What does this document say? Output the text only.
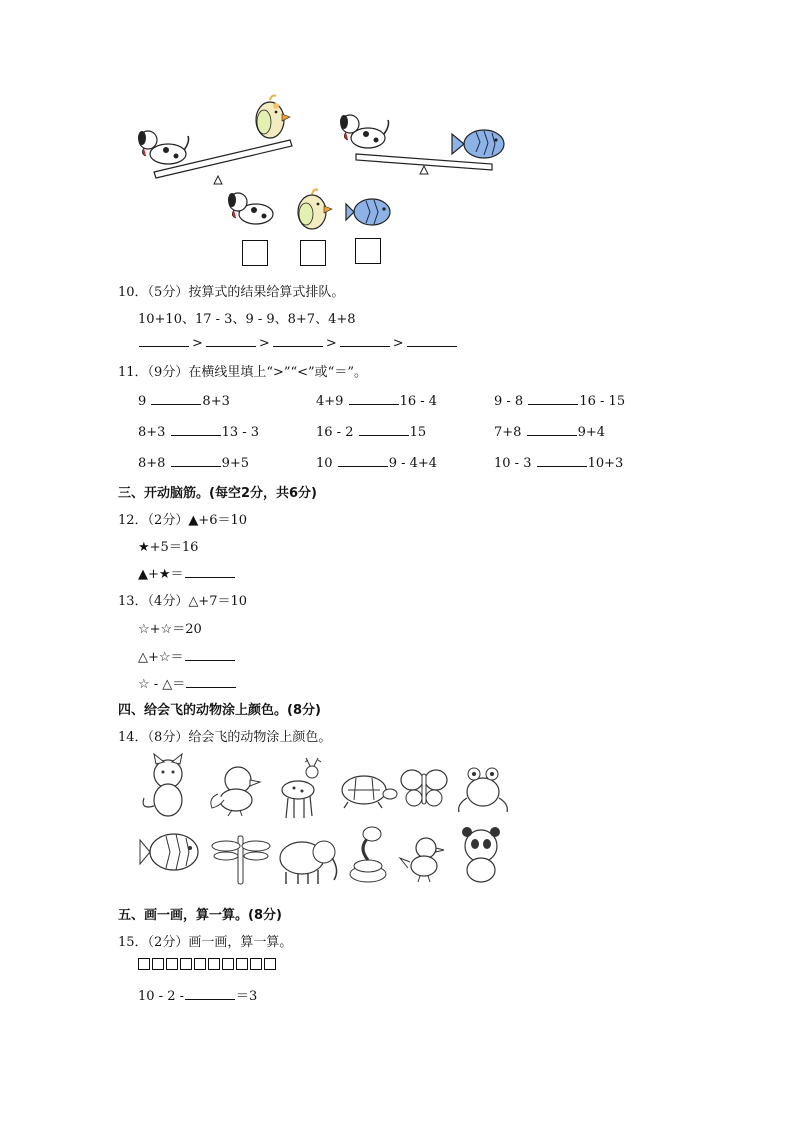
10．（5分）按算式的结果给算式排队。
10+10、17 - 3、9 - 9、8+7、4+8
>	>	>	>
11．（9分）在横线里填上“>”“<”或“＝”。
9	8+3	4+9	16 - 4	9 - 8	16 - 15
8+3	13 - 3	16 - 2	15	7+8	9+4
8+8	9+5	10	9 - 4+4	10 - 3	10+3
三、开动脑筋。(每空2分，共6分)
12．（2分）▲+6＝10
★+5＝16
▲+★＝
13．（4分）△+7＝10
☆+☆＝20
△+☆＝
☆ - △＝
四、给会飞的动物涂上颜色。(8分)
14．（8分）给会飞的动物涂上颜色。
五、画一画，算一算。(8分)
15．（2分）画一画，算一算。
10 - 2 -	＝3
